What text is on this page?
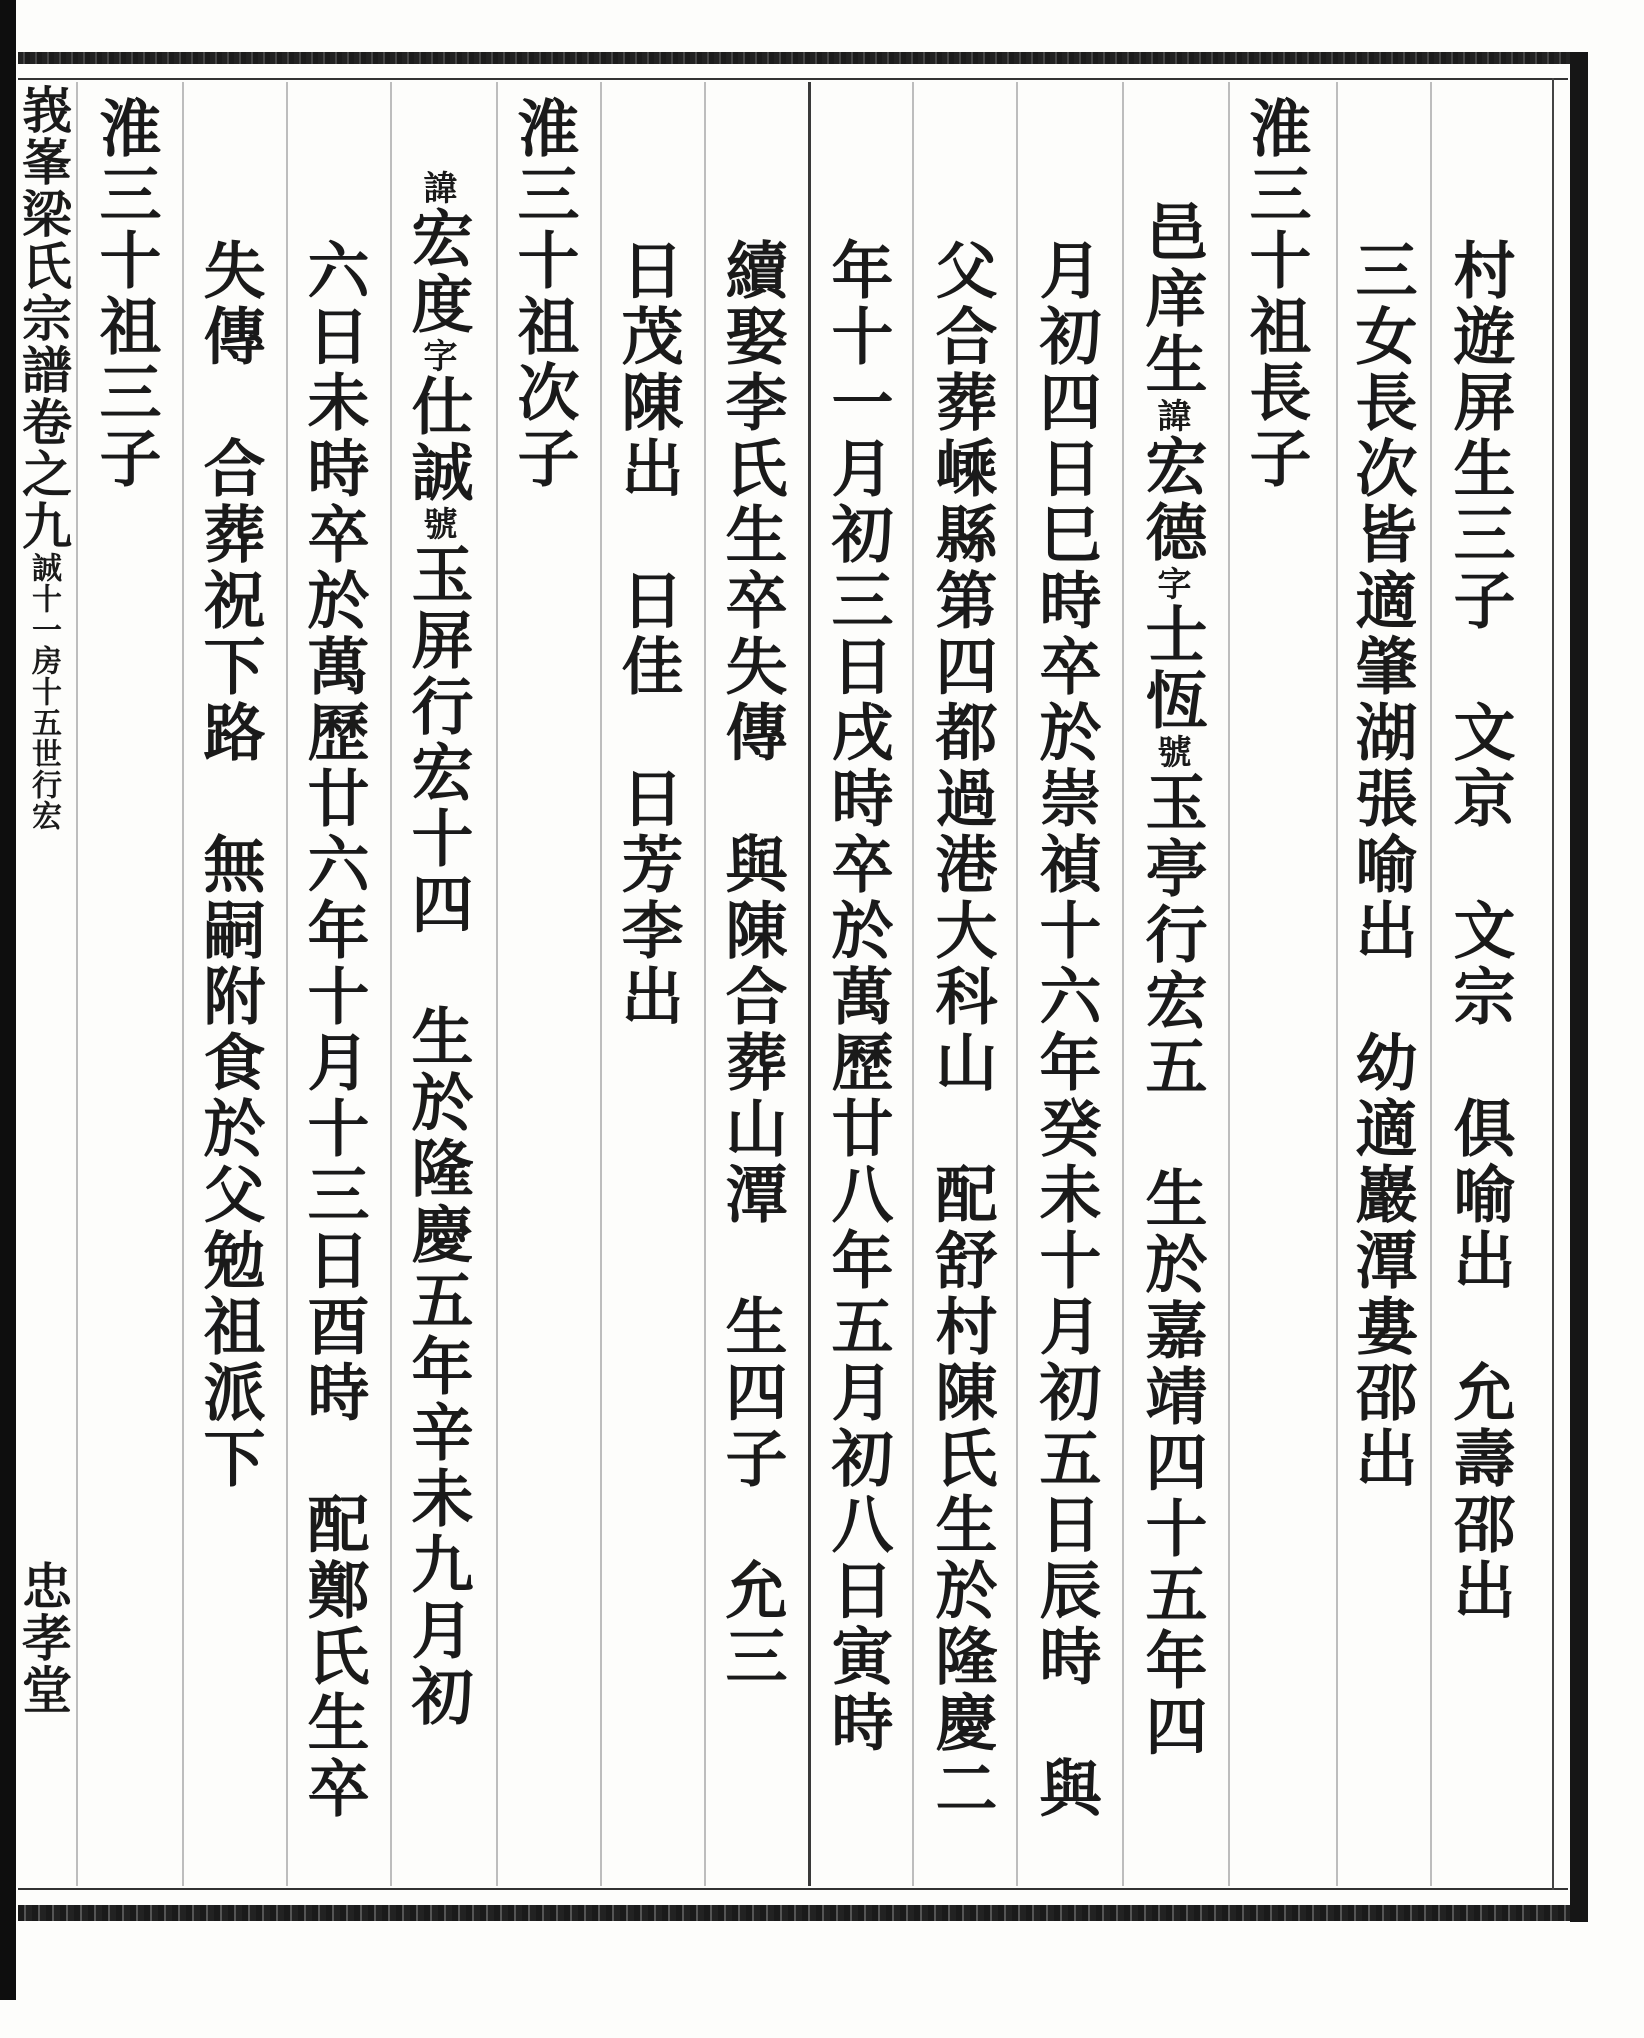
峩峯梁氏宗譜卷之九誠十一房十五世行宏
忠孝堂
村遊屏生三子　文京　文宗　俱喻出　允壽邵出
三女長次皆適肇湖張喻出　幼適巖潭婁邵出
淮三十祖長子
邑庠生諱宏德字士恆號玉亭行宏五　生於嘉靖四十五年四
月初四日巳時卒於崇禎十六年癸未十月初五日辰時　與
父合葬嵊縣第四都過港大科山　配舒村陳氏生於隆慶二
年十一月初三日戌時卒於萬歷廿八年五月初八日寅時
續娶李氏生卒失傳　與陳合葬山潭　生四子　允三
日茂陳出　日佳　日芳李出
淮三十祖次子
諱宏度字仕誠號玉屏行宏十四　生於隆慶五年辛未九月初
六日未時卒於萬歷廿六年十月十三日酉時　配鄭氏生卒
失傳　合葬祝下路　無嗣附食於父勉祖派下
淮三十祖三子
